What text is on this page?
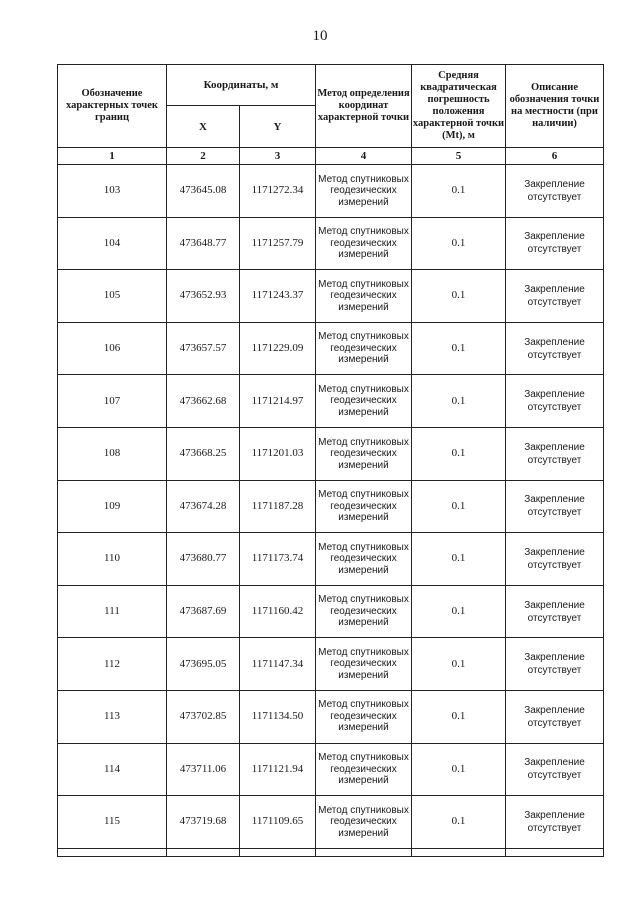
10
Обозначение характерных точек границ	Координаты, м		Метод определения координат характерной точки	Средняя квадратическая погрешность положения характерной точки (Mt), м	Описание обозначения точки на местности (при наличии)
	X	Y			
1	2	3	4	5	6
103	473645.08	1171272.34	Метод спутниковых геодезических измерений	0.1	Закрепление
отсутствует

104	473648.77	1171257.79	Метод спутниковых геодезических измерений	0.1	Закрепление
отсутствует

105	473652.93	1171243.37	Метод спутниковых геодезических измерений	0.1	Закрепление
отсутствует

106	473657.57	1171229.09	Метод спутниковых геодезических измерений	0.1	Закрепление
отсутствует

107	473662.68	1171214.97	Метод спутниковых геодезических измерений	0.1	Закрепление
отсутствует

108	473668.25	1171201.03	Метод спутниковых геодезических измерений	0.1	Закрепление
отсутствует

109	473674.28	1171187.28	Метод спутниковых геодезических измерений	0.1	Закрепление
отсутствует

110	473680.77	1171173.74	Метод спутниковых геодезических измерений	0.1	Закрепление
отсутствует

111	473687.69	1171160.42	Метод спутниковых геодезических измерений	0.1	Закрепление
отсутствует

112	473695.05	1171147.34	Метод спутниковых геодезических измерений	0.1	Закрепление
отсутствует

113	473702.85	1171134.50	Метод спутниковых геодезических измерений	0.1	Закрепление
отсутствует

114	473711.06	1171121.94	Метод спутниковых геодезических измерений	0.1	Закрепление
отсутствует

115	473719.68	1171109.65	Метод спутниковых геодезических измерений	0.1	Закрепление
отсутствует
